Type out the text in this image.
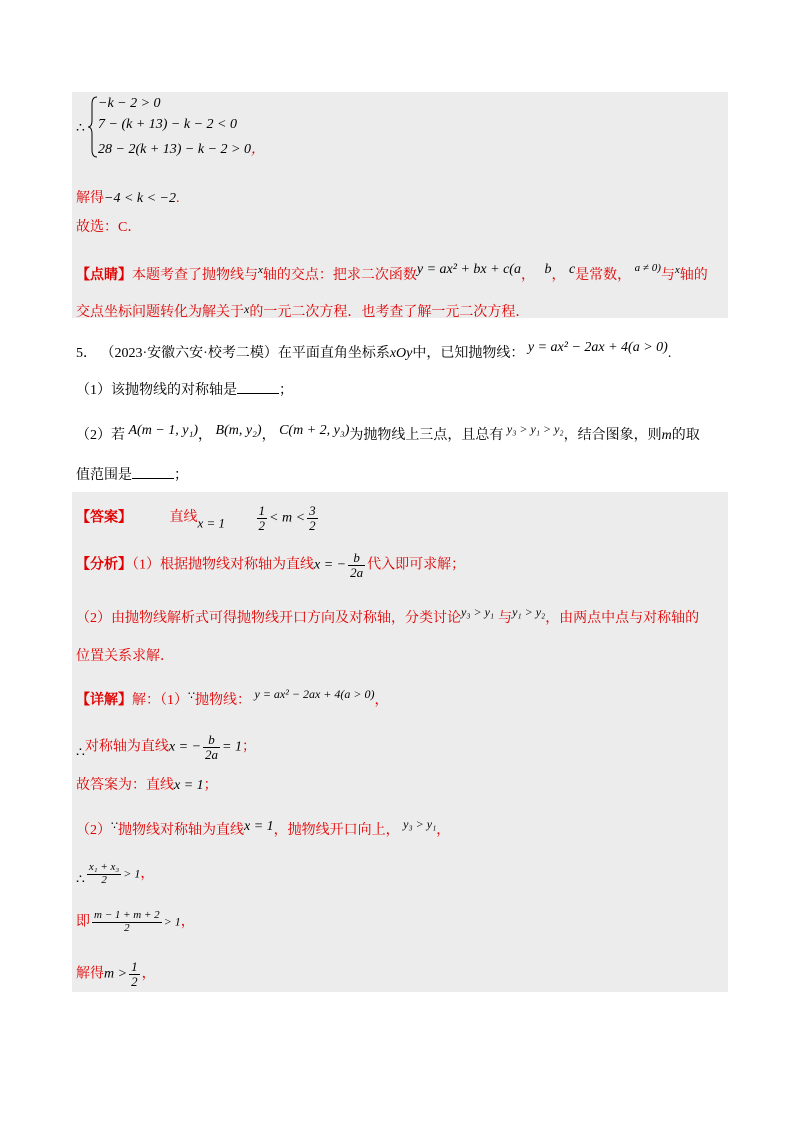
∴
−k − 2 > 0
7 − (k + 13) − k − 2 < 0
28 − 2(k + 13) − k − 2 > 0，
解得−4 < k < −2.
故选：C．
【点睛】本题考查了抛物线与$^x$轴的交点：把求二次函数y = ax² + bx + c(a， b， c是常数， $^{a \ne 0)}$与$^x$轴的
交点坐标问题转化为解关于x的一元二次方程．也考查了解一元二次方程．
5． （2023·安徽六安·校考二模）在平面直角坐标系xOy中，已知抛物线： y = ax² − 2ax + 4(a > 0).
（1）该抛物线的对称轴是	；
（2）若 A(m − 1, y₁)， B(m, y₂)， C(m + 2, y₃)为抛物线上三点，且总有 y₃ > y₁ > y₂，结合图象，则m的取
值范围是	；
【答案】	直线$x = 1 \frac{1}{2} < m < \frac{3}{2}$
【分析】（1）根据抛物线对称轴为直线x = − $\frac{b}{2a}$ 代入即可求解；
（2）由抛物线解析式可得抛物线开口方向及对称轴，分类讨论y₃ > y₁ 与y₁ > y₂，由两点中点与对称轴的
位置关系求解．
【详解】解：（1）∵抛物线： y = ax² − 2ax + 4(a > 0)，
∴对称轴为直线x = − $\frac{b}{2a} = 1$；
故答案为：直线x = 1；
（2）∵抛物线对称轴为直线x = 1，抛物线开口向上， y₃ > y₁，
∴ $\frac{\text{x₁ + x₃}}{2} > 1$，
即 $\frac{m - 1 + m + 2}{2} > 1$，
解得$m > \frac{1}{2}$ ，
